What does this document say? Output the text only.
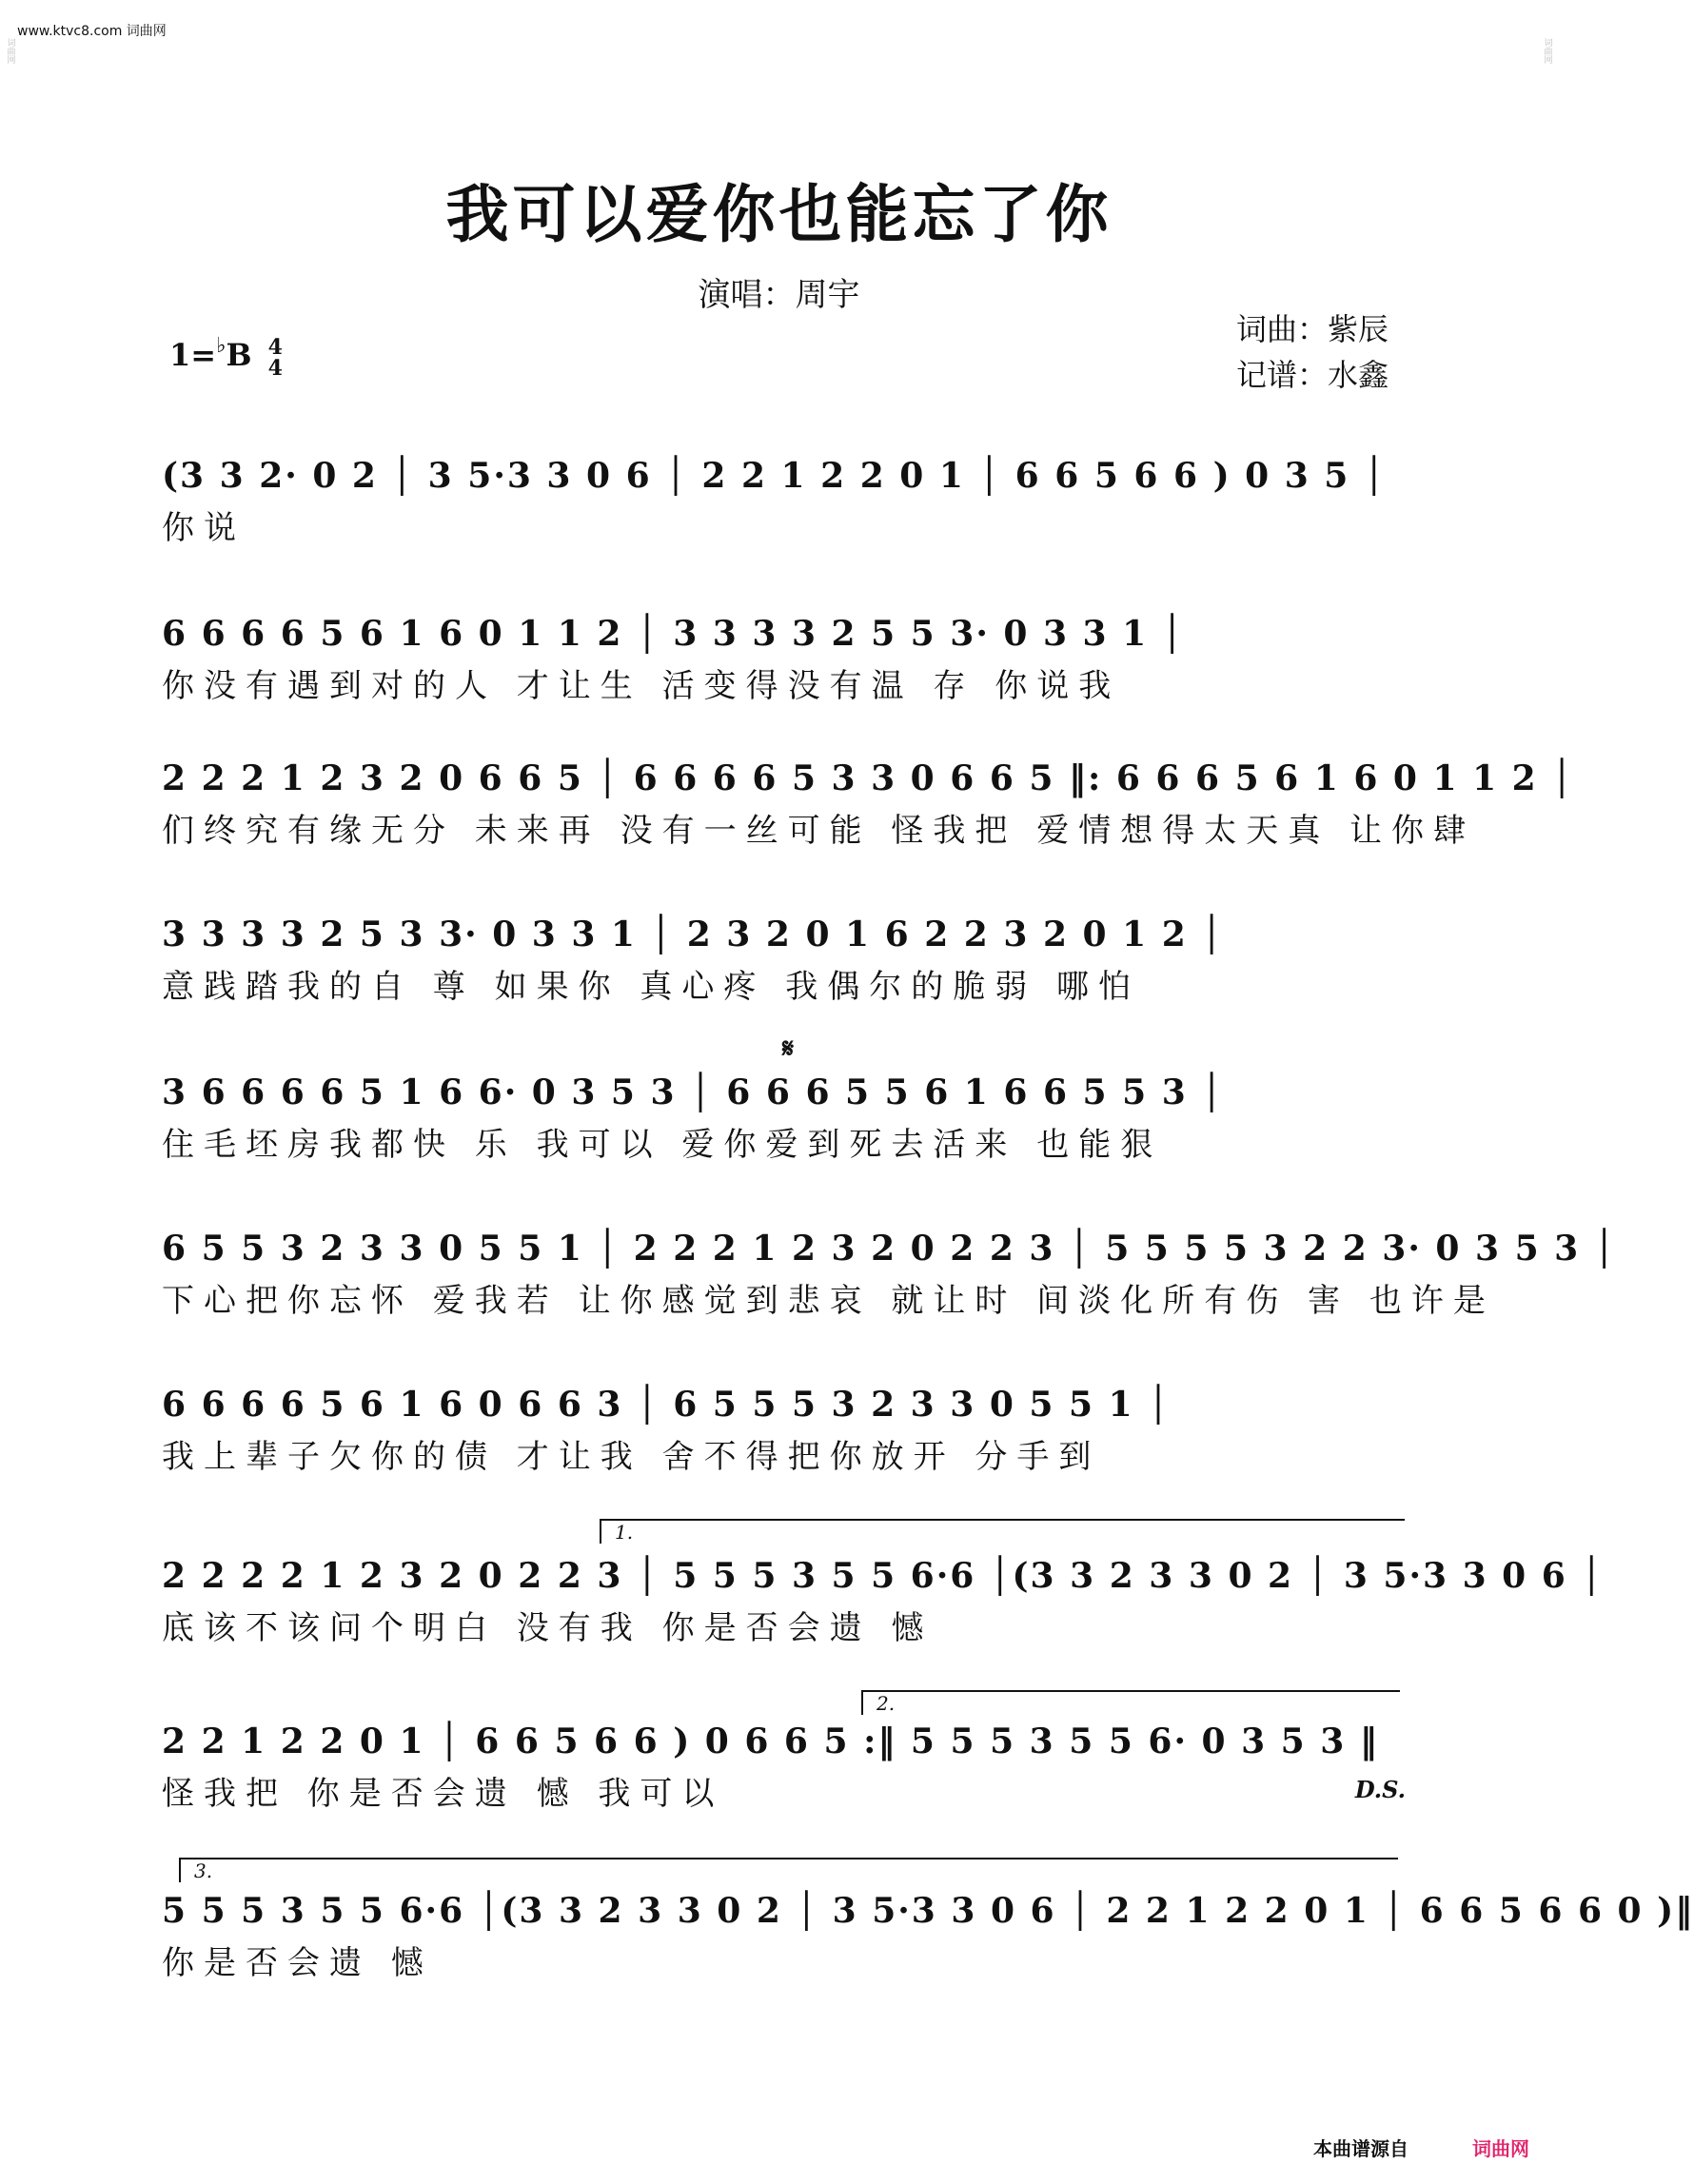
www.ktvc8.com 词曲网
词曲网	词曲网
我可以爱你也能忘了你
演唱：周宇
词曲：紫辰
记谱：水鑫
1=♭B 4
4
𝄋
(3 3 2· 0 2 │ 3 5·3 3 0 6 │ 2 2 1 2 2 0 1 │ 6 6 5 6 6 ) 0 3 5 │
你说
6 6 6 6 5 6 1 6 0 1 1 2 │ 3 3 3 3 2 5 5 3· 0 3 3 1 │
你没有遇到对的人 才让生 活变得没有温 存 你说我
2 2 2 1 2 3 2 0 6 6 5 │ 6 6 6 6 5 3 3 0 6 6 5 ‖: 6 6 6 5 6 1 6 0 1 1 2 │
们终究有缘无分 未来再 没有一丝可能 怪我把 爱情想得太天真 让你肆
3 3 3 3 2 5 3 3· 0 3 3 1 │ 2 3 2 0 1 6 2 2 3 2 0 1 2 │
意践踏我的自 尊 如果你 真心疼 我偶尔的脆弱 哪怕
3 6 6 6 6 5 1 6 6· 0 3 5 3 │ 6 6 6 5 5 6 1 6 6 5 5 3 │
住毛坯房我都快 乐 我可以 爱你爱到死去活来 也能狠
6 5 5 3 2 3 3 0 5 5 1 │ 2 2 2 1 2 3 2 0 2 2 3 │ 5 5 5 5 3 2 2 3· 0 3 5 3 │
下心把你忘怀 爱我若 让你感觉到悲哀 就让时 间淡化所有伤 害 也许是
6 6 6 6 5 6 1 6 0 6 6 3 │ 6 5 5 5 3 2 3 3 0 5 5 1 │
我上辈子欠你的债 才让我 舍不得把你放开 分手到
1.
2 2 2 2 1 2 3 2 0 2 2 3 │ 5 5 5 3 5 5 6·6 │(3 3 2 3 3 0 2 │ 3 5·3 3 0 6 │
底该不该问个明白 没有我 你是否会遗 憾
2.
2 2 1 2 2 0 1 │ 6 6 5 6 6 ) 0 6 6 5 :‖ 5 5 5 3 5 5 6· 0 3 5 3 ‖
怪我把 你是否会遗 憾 我可以	D.S.
3.
5 5 5 3 5 5 6·6 │(3 3 2 3 3 0 2 │ 3 5·3 3 0 6 │ 2 2 1 2 2 0 1 │ 6 6 5 6 6 0 )‖
你是否会遗 憾
本曲谱源自	词曲网
